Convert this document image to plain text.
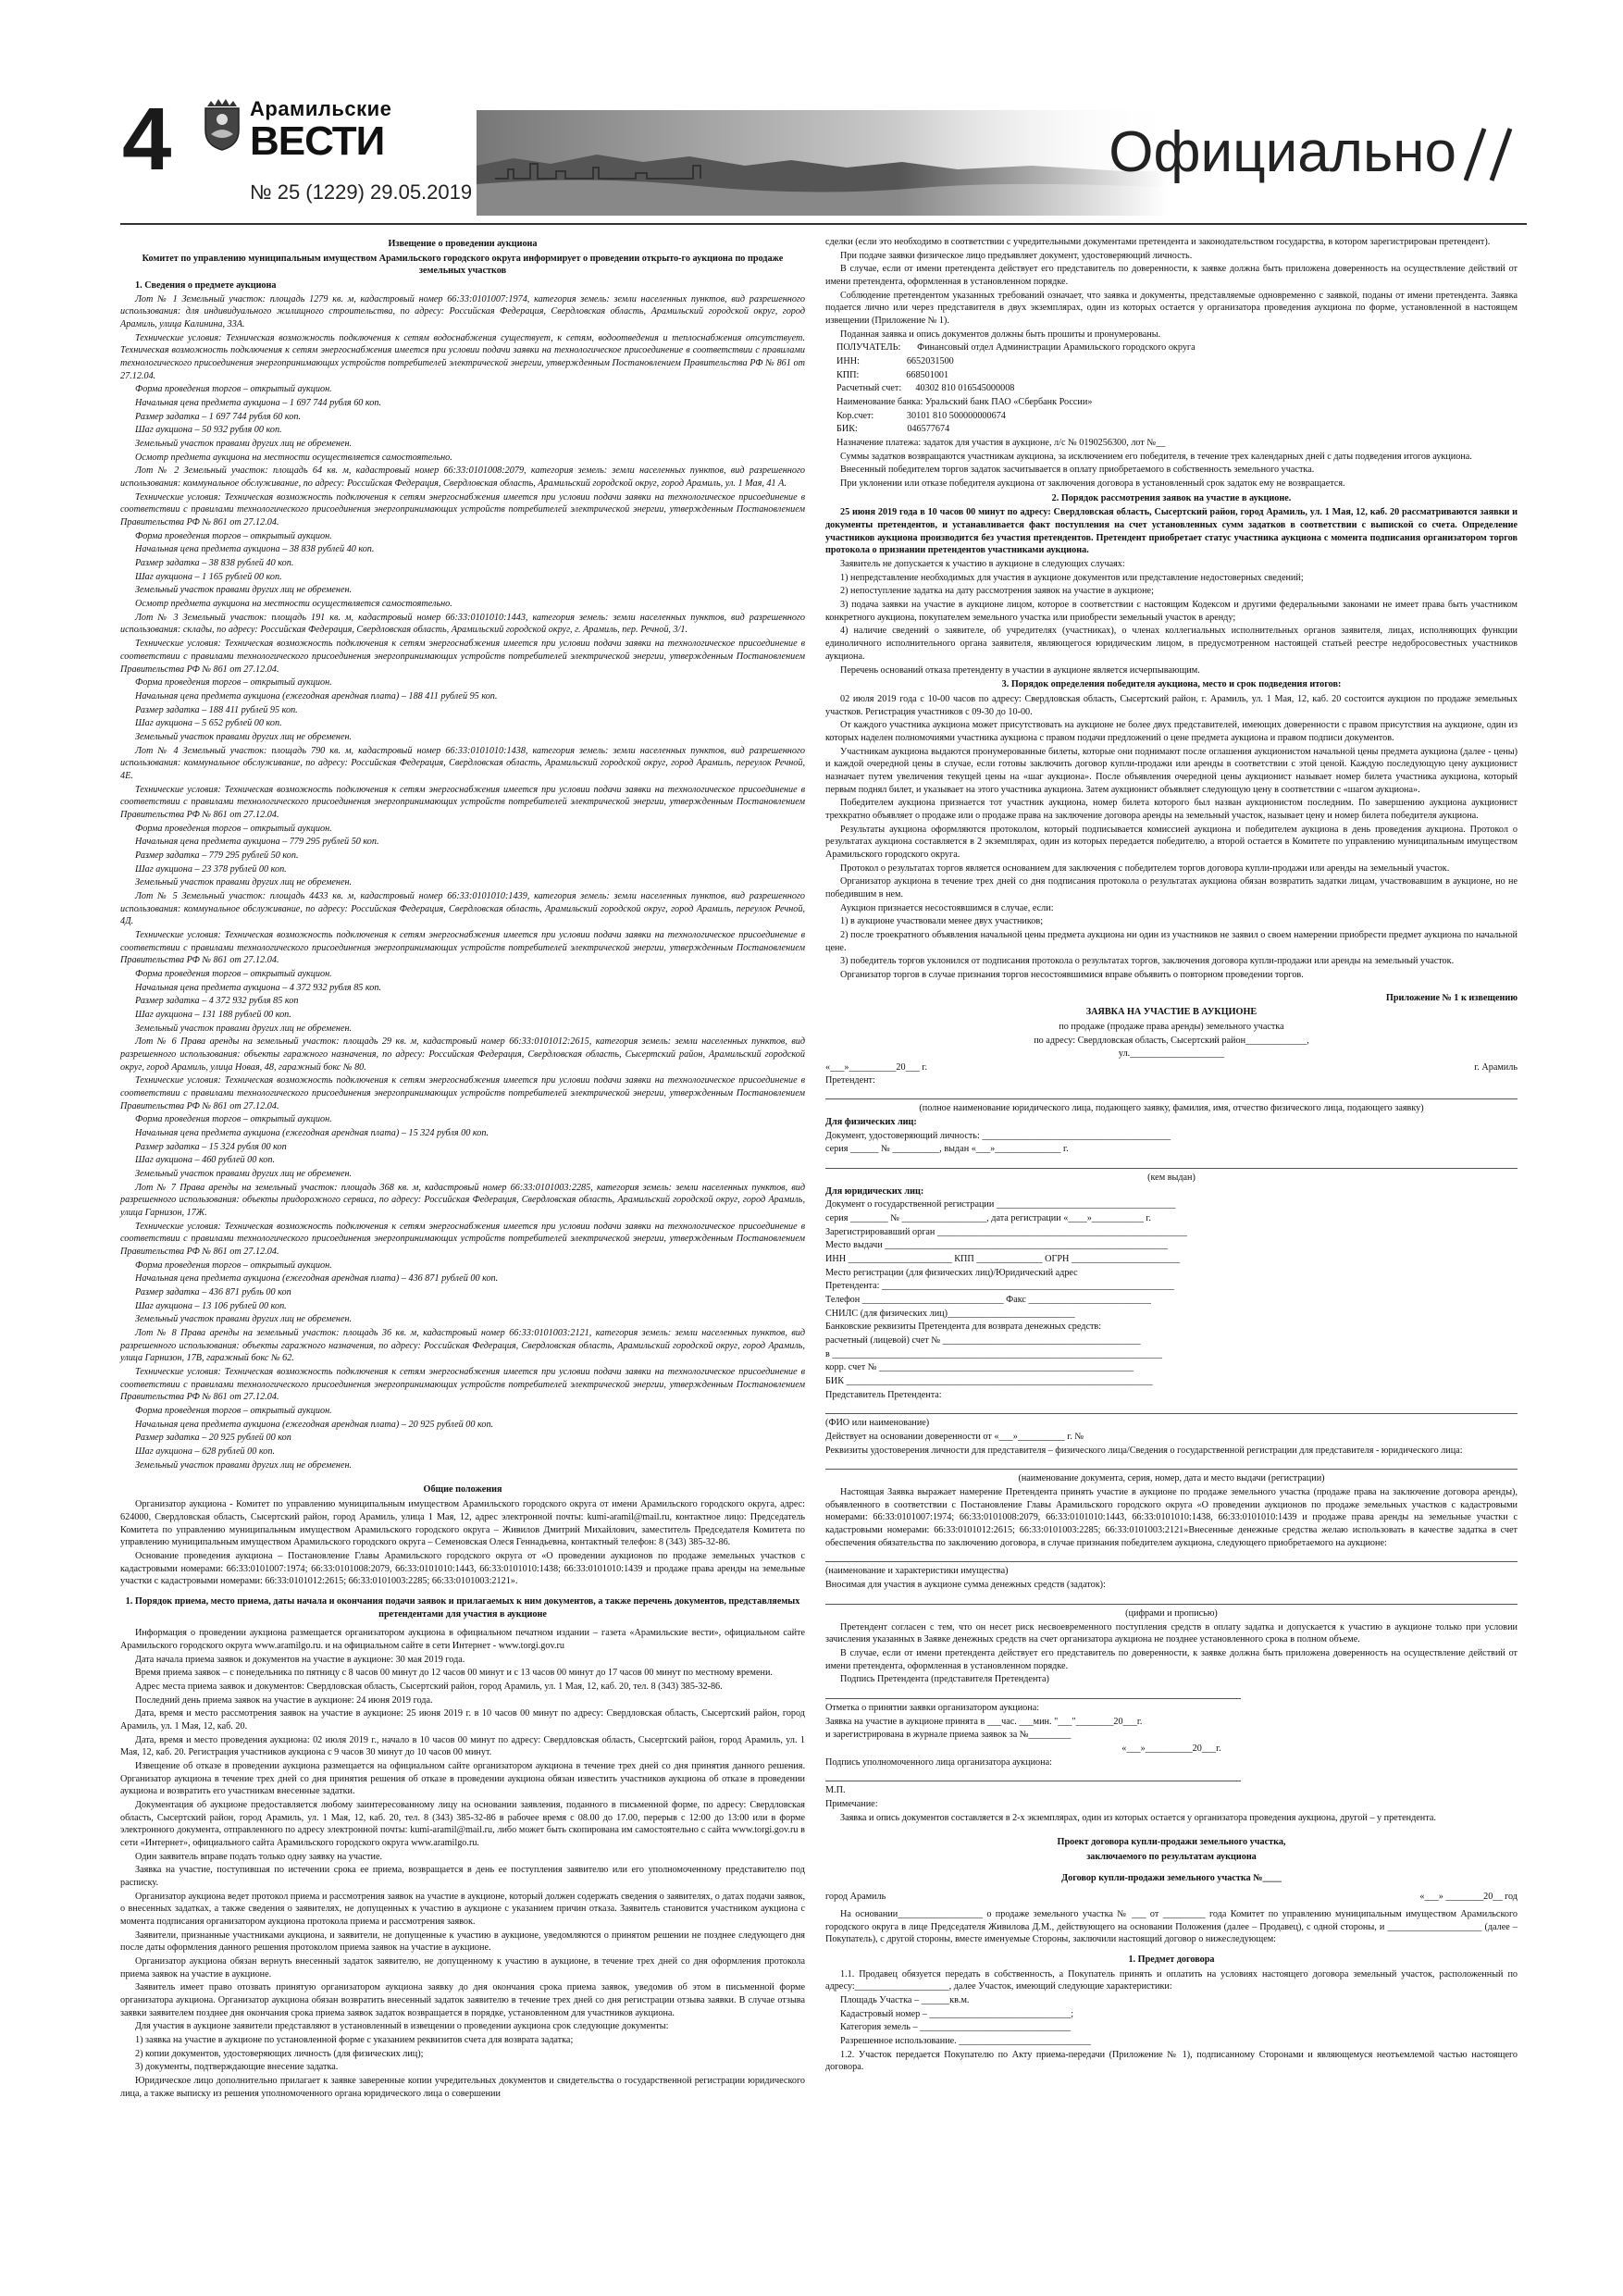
4	Арамильские
ВЕСТИ
№ 25 (1229) 29.05.2019
Официально

Извещение о проведении аукциона

Комитет по управлению муниципальным имуществом Арамильского городского округа информирует о проведении открыто-го аукциона по продаже земельных участков

1. Сведения о предмете аукциона

Лот № 1 Земельный участок: площадь 1279 кв. м, кадастровый номер 66:33:0101007:1974, категория земель: земли населенных пунктов, вид разрешенного использования: для индивидуального жилищного строительства, по адресу: Российская Федерация, Свердловская область, Арамильский городской округ, город Арамиль, улица Калинина, 33А.

Технические условия: Техническая возможность подключения к сетям водоснабжения существует, к сетям, водоотведения и теплоснабжения отсутствует. Техническая возможность подключения к сетям энергоснабжения имеется при условии подачи заявки на технологическое присоединение в соответствии с правилами технологического присоединения энергопринимающих устройств потребителей электрической энергии, утвержденным Постановлением Правительства РФ № 861 от 27.12.04.

Форма проведения торгов – открытый аукцион.

Начальная цена предмета аукциона – 1 697 744 рубля 60 коп.

Размер задатка – 1 697 744 рубля 60 коп.

Шаг аукциона – 50 932 рубля 00 коп.

Земельный участок правами других лиц не обременен.

Осмотр предмета аукциона на местности осуществляется самостоятельно.

Лот № 2 Земельный участок: площадь 64 кв. м, кадастровый номер 66:33:0101008:2079, категория земель: земли населенных пунктов, вид разрешенного использования: коммунальное обслуживание, по адресу: Российская Федерация, Свердловская область, Арамильский городской округ, город Арамиль, ул. 1 Мая, 41 А.

Технические условия: Техническая возможность подключения к сетям энергоснабжения имеется при условии подачи заявки на технологическое присоединение в соответствии с правилами технологического присоединения энергопринимающих устройств потребителей электрической энергии, утвержденным Постановлением Правительства РФ № 861 от 27.12.04.

Форма проведения торгов – открытый аукцион.

Начальная цена предмета аукциона – 38 838 рублей 40 коп.

Размер задатка – 38 838 рублей 40 коп.

Шаг аукциона – 1 165 рублей 00 коп.

Земельный участок правами других лиц не обременен.

Осмотр предмета аукциона на местности осуществляется самостоятельно.

Лот № 3 Земельный участок: площадь 191 кв. м, кадастровый номер 66:33:0101010:1443, категория земель: земли населенных пунктов, вид разрешенного использования: склады, по адресу: Российская Федерация, Свердловская область, Арамильский городской округ, г. Арамиль, пер. Речной, 3/1.

Технические условия: Техническая возможность подключения к сетям энергоснабжения имеется при условии подачи заявки на технологическое присоединение в соответствии с правилами технологического присоединения энергопринимающих устройств потребителей электрической энергии, утвержденным Постановлением Правительства РФ № 861 от 27.12.04.

Форма проведения торгов – открытый аукцион.

Начальная цена предмета аукциона (ежегодная арендная плата) – 188 411 рублей 95 коп.

Размер задатка – 188 411 рублей 95 коп.

Шаг аукциона – 5 652 рублей 00 коп.

Земельный участок правами других лиц не обременен.

Лот № 4 Земельный участок: площадь 790 кв. м, кадастровый номер 66:33:0101010:1438, категория земель: земли населенных пунктов, вид разрешенного использования: коммунальное обслуживание, по адресу: Российская Федерация, Свердловская область, Арамильский городской округ, город Арамиль, переулок Речной, 4Е.

Технические условия: Техническая возможность подключения к сетям энергоснабжения имеется при условии подачи заявки на технологическое присоединение в соответствии с правилами технологического присоединения энергопринимающих устройств потребителей электрической энергии, утвержденным Постановлением Правительства РФ № 861 от 27.12.04.

Форма проведения торгов – открытый аукцион.

Начальная цена предмета аукциона – 779 295 рублей 50 коп.

Размер задатка – 779 295 рублей 50 коп.

Шаг аукциона – 23 378 рублей 00 коп.

Земельный участок правами других лиц не обременен.

Лот № 5 Земельный участок: площадь 4433 кв. м, кадастровый номер 66:33:0101010:1439, категория земель: земли населенных пунктов, вид разрешенного использования: коммунальное обслуживание, по адресу: Российская Федерация, Свердловская область, Арамильский городской округ, город Арамиль, переулок Речной, 4Д.

Технические условия: Техническая возможность подключения к сетям энергоснабжения имеется при условии подачи заявки на технологическое присоединение в соответствии с правилами технологического присоединения энергопринимающих устройств потребителей электрической энергии, утвержденным Постановлением Правительства РФ № 861 от 27.12.04.

Форма проведения торгов – открытый аукцион.

Начальная цена предмета аукциона – 4 372 932 рубля 85 коп.

Размер задатка – 4 372 932 рубля 85 коп

Шаг аукциона – 131 188 рублей 00 коп.

Земельный участок правами других лиц не обременен.

Лот № 6 Права аренды на земельный участок: площадь 29 кв. м, кадастровый номер 66:33:0101012:2615, категория земель: земли населенных пунктов, вид разрешенного использования: объекты гаражного назначения, по адресу: Российская Федерация, Свердловская область, Сысертский район, Арамильский городской округ, город Арамиль, улица Новая, 48, гаражный бокс № 80.

Технические условия: Техническая возможность подключения к сетям энергоснабжения имеется при условии подачи заявки на технологическое присоединение в соответствии с правилами технологического присоединения энергопринимающих устройств потребителей электрической энергии, утвержденным Постановлением Правительства РФ № 861 от 27.12.04.

Форма проведения торгов – открытый аукцион.

Начальная цена предмета аукциона (ежегодная арендная плата) – 15 324 рубля 00 коп.

Размер задатка – 15 324 рубля 00 коп

Шаг аукциона – 460 рублей 00 коп.

Земельный участок правами других лиц не обременен.

Лот № 7 Права аренды на земельный участок: площадь 368 кв. м, кадастровый номер 66:33:0101003:2285, категория земель: земли населенных пунктов, вид разрешенного использования: объекты придорожного сервиса, по адресу: Российская Федерация, Свердловская область, Арамильский городской округ, город Арамиль, улица Гарнизон, 17Ж.

Технические условия: Техническая возможность подключения к сетям энергоснабжения имеется при условии подачи заявки на технологическое присоединение в соответствии с правилами технологического присоединения энергопринимающих устройств потребителей электрической энергии, утвержденным Постановлением Правительства РФ № 861 от 27.12.04.

Форма проведения торгов – открытый аукцион.

Начальная цена предмета аукциона (ежегодная арендная плата) – 436 871 рублей 00 коп.

Размер задатка – 436 871 рубль 00 коп

Шаг аукциона – 13 106 рублей 00 коп.

Земельный участок правами других лиц не обременен.

Лот № 8 Права аренды на земельный участок: площадь 36 кв. м, кадастровый номер 66:33:0101003:2121, категория земель: земли населенных пунктов, вид разрешенного использования: объекты гаражного назначения, по адресу: Российская Федерация, Свердловская область, Арамильский городской округ, город Арамиль, улица Гарнизон, 17В, гаражный бокс № 62.

Технические условия: Техническая возможность подключения к сетям энергоснабжения имеется при условии подачи заявки на технологическое присоединение в соответствии с правилами технологического присоединения энергопринимающих устройств потребителей электрической энергии, утвержденным Постановлением Правительства РФ № 861 от 27.12.04.

Форма проведения торгов – открытый аукцион.

Начальная цена предмета аукциона (ежегодная арендная плата) – 20 925 рублей 00 коп.

Размер задатка – 20 925 рублей 00 коп

Шаг аукциона – 628 рублей 00 коп.

Земельный участок правами других лиц не обременен.

Общие положения

Организатор аукциона - Комитет по управлению муниципальным имуществом Арамильского городского округа от имени Арамильского городского округа, адрес: 624000, Свердловская область, Сысертский район, город Арамиль, улица 1 Мая, 12, адрес электронной почты: kumi-aramil@mail.ru, контактное лицо: Председатель Комитета по управлению муниципальным имуществом Арамильского городского округа – Живилов Дмитрий Михайлович, заместитель Председателя Комитета по управлению муниципальным имуществом Арамильского городского округа – Семеновская Олеся Геннадьевна, контактный телефон: 8 (343) 385-32-86.

Основание проведения аукциона – Постановление Главы Арамильского городского округа от «О проведении аукционов по продаже земельных участков с кадастровыми номерами: 66:33:0101007:1974; 66:33:0101008:2079, 66:33:0101010:1443, 66:33:0101010:1438; 66:33:0101010:1439 и продаже права аренды на земельные участки с кадастровыми номерами: 66:33:0101012:2615; 66:33:0101003:2285; 66:33:0101003:2121».

1. Порядок приема, место приема, даты начала и окончания подачи заявок и прилагаемых к ним документов, а также перечень документов, представляемых претендентами для участия в аукционе

Информация о проведении аукциона размещается организатором аукциона в официальном печатном издании – газета «Арамильские вести», официальном сайте Арамильского городского округа www.aramilgo.ru. и на официальном сайте в сети Интернет - www.torgi.gov.ru

Дата начала приема заявок и документов на участие в аукционе: 30 мая 2019 года.

Время приема заявок – с понедельника по пятницу с 8 часов 00 минут до 12 часов 00 минут и с 13 часов 00 минут до 17 часов 00 минут по местному времени.

Адрес места приема заявок и документов: Свердловская область, Сысертский район, город Арамиль, ул. 1 Мая, 12, каб. 20, тел. 8 (343) 385-32-86.

Последний день приема заявок на участие в аукционе: 24 июня 2019 года.

Дата, время и место рассмотрения заявок на участие в аукционе: 25 июня 2019 г. в 10 часов 00 минут по адресу: Свердловская область, Сысертский район, город Арамиль, ул. 1 Мая, 12, каб. 20.

Дата, время и место проведения аукциона: 02 июля 2019 г., начало в 10 часов 00 минут по адресу: Свердловская область, Сысертский район, город Арамиль, ул. 1 Мая, 12, каб. 20. Регистрация участников аукциона с 9 часов 30 минут до 10 часов 00 минут.

Извещение об отказе в проведении аукциона размещается на официальном сайте организатором аукциона в течение трех дней со дня принятия данного решения. Организатор аукциона в течение трех дней со дня принятия решения об отказе в проведении аукциона обязан известить участников аукциона об отказе в проведении аукциона и возвратить его участникам внесенные задатки.

Документация об аукционе предоставляется любому заинтересованному лицу на основании заявления, поданного в письменной форме, по адресу: Свердловская область, Сысертский район, город Арамиль, ул. 1 Мая, 12, каб. 20, тел. 8 (343) 385-32-86 в рабочее время с 08.00 до 17.00, перерыв с 12:00 до 13:00 или в форме электронного документа, отправленного по адресу электронной почты: kumi-aramil@mail.ru, либо может быть скопирована им самостоятельно с сайта www.torgi.gov.ru в сети «Интернет», официального сайта Арамильского городского округа www.aramilgo.ru.

Один заявитель вправе подать только одну заявку на участие.

Заявка на участие, поступившая по истечении срока ее приема, возвращается в день ее поступления заявителю или его уполномоченному представителю под расписку.

Организатор аукциона ведет протокол приема и рассмотрения заявок на участие в аукционе, который должен содержать сведения о заявителях, о датах подачи заявок, о внесенных задатках, а также сведения о заявителях, не допущенных к участию в аукционе с указанием причин отказа. Заявитель становится участником аукциона с момента подписания организатором аукциона протокола приема и рассмотрения заявок.

Заявители, признанные участниками аукциона, и заявители, не допущенные к участию в аукционе, уведомляются о принятом решении не позднее следующего дня после даты оформления данного решения протоколом приема заявок на участие в аукционе.

Организатор аукциона обязан вернуть внесенный задаток заявителю, не допущенному к участию в аукционе, в течение трех дней со дня оформления протокола приема заявок на участие в аукционе.

Заявитель имеет право отозвать принятую организатором аукциона заявку до дня окончания срока приема заявок, уведомив об этом в письменной форме организатора аукциона. Организатор аукциона обязан возвратить внесенный задаток заявителю в течение трех дней со дня регистрации отзыва заявки. В случае отзыва заявки заявителем позднее дня окончания срока приема заявок задаток возвращается в порядке, установленном для участников аукциона.

Для участия в аукционе заявители представляют в установленный в извещении о проведении аукциона срок следующие документы:

1) заявка на участие в аукционе по установленной форме с указанием реквизитов счета для возврата задатка;

2) копии документов, удостоверяющих личность (для физических лиц);

3) документы, подтверждающие внесение задатка.

Юридическое лицо дополнительно прилагает к заявке заверенные копии учредительных документов и свидетельства о государственной регистрации юридического лица, а также выписку из решения уполномоченного органа юридического лица о совершении

сделки (если это необходимо в соответствии с учредительными документами претендента и законодательством государства, в котором зарегистрирован претендент).

При подаче заявки физическое лицо предъявляет документ, удостоверяющий личность.

В случае, если от имени претендента действует его представитель по доверенности, к заявке должна быть приложена доверенность на осуществление действий от имени претендента, оформленная в установленном порядке.

Соблюдение претендентом указанных требований означает, что заявка и документы, представляемые одновременно с заявкой, поданы от имени претендента. Заявка подается лично или через представителя в двух экземплярах, один из которых остается у организатора проведения аукциона по форме, установленной в настоящем извещении (Приложение № 1).

Поданная заявка и опись документов должны быть прошиты и пронумерованы.

ПОЛУЧАТЕЛЬ:       Финансовый отдел Администрации Арамильского городского округа

ИНН:                    6652031500

КПП:                    668501001

Расчетный счет:      40302 810 016545000008

Наименование банка: Уральский банк ПАО «Сбербанк России»

Кор.счет:              30101 810 500000000674

БИК:                     046577674

Назначение платежа: задаток для участия в аукционе, л/с № 0190256300, лот №__

Суммы задатков возвращаются участникам аукциона, за исключением его победителя, в течение трех календарных дней с даты подведения итогов аукциона.

Внесенный победителем торгов задаток засчитывается в оплату приобретаемого в собственность земельного участка.

При уклонении или отказе победителя аукциона от заключения договора в установленный срок задаток ему не возвращается.

2. Порядок рассмотрения заявок на участие в аукционе.

25 июня 2019 года в 10 часов 00 минут по адресу: Свердловская область, Сысертский район, город Арамиль, ул. 1 Мая, 12, каб. 20 рассматриваются заявки и документы претендентов, и устанавливается факт поступления на счет установленных сумм задатков в соответствии с выпиской со счета. Определение участников аукциона производится без участия претендентов. Претендент приобретает статус участника аукциона с момента подписания организатором торгов протокола о признании претендентов участниками аукциона.

Заявитель не допускается к участию в аукционе в следующих случаях:

1) непредставление необходимых для участия в аукционе документов или представление недостоверных сведений;

2) непоступление задатка на дату рассмотрения заявок на участие в аукционе;

3) подача заявки на участие в аукционе лицом, которое в соответствии с настоящим Кодексом и другими федеральными законами не имеет права быть участником конкретного аукциона, покупателем земельного участка или приобрести земельный участок в аренду;

4) наличие сведений о заявителе, об учредителях (участниках), о членах коллегиальных исполнительных органов заявителя, лицах, исполняющих функции единоличного исполнительного органа заявителя, являющегося юридическим лицом, в предусмотренном настоящей статьей реестре недобросовестных участников аукциона.

Перечень оснований отказа претенденту в участии в аукционе является исчерпывающим.

3. Порядок определения победителя аукциона, место и срок подведения итогов:

02 июля 2019 года с 10-00 часов по адресу: Свердловская область, Сысертский район, г. Арамиль, ул. 1 Мая, 12, каб. 20 состоится аукцион по продаже земельных участков. Регистрация участников с 09-30 до 10-00.

От каждого участника аукциона может присутствовать на аукционе не более двух представителей, имеющих доверенности с правом присутствия на аукционе, один из которых наделен полномочиями участника аукциона с правом подачи предложений о цене предмета аукциона и правом подписи документов.

Участникам аукциона выдаются пронумерованные билеты, которые они поднимают после оглашения аукционистом начальной цены предмета аукциона (далее - цены) и каждой очередной цены в случае, если готовы заключить договор купли-продажи или аренды в соответствии с этой ценой. Каждую последующую цену аукционист назначает путем увеличения текущей цены на «шаг аукциона». После объявления очередной цены аукционист называет номер билета участника аукциона, который первым поднял билет, и указывает на этого участника аукциона. Затем аукционист объявляет следующую цену в соответствии с «шагом аукциона».

Победителем аукциона признается тот участник аукциона, номер билета которого был назван аукционистом последним. По завершению аукциона аукционист трехкратно объявляет о продаже или о продаже права на заключение договора аренды на земельный участок, называет цену и номер билета победителя аукциона.

Результаты аукциона оформляются протоколом, который подписывается комиссией аукциона и победителем аукциона в день проведения аукциона. Протокол о результатах аукциона составляется в 2 экземплярах, один из которых передается победителю, а второй остается в Комитете по управлению муниципальным имуществом Арамильского городского округа.

Протокол о результатах торгов является основанием для заключения с победителем торгов договора купли-продажи или аренды на земельный участок.

Организатор аукциона в течение трех дней со дня подписания протокола о результатах аукциона обязан возвратить задатки лицам, участвовавшим в аукционе, но не победившим в нем.

Аукцион признается несостоявшимся в случае, если:

1) в аукционе участвовали менее двух участников;

2) после троекратного объявления начальной цены предмета аукциона ни один из участников не заявил о своем намерении приобрести предмет аукциона по начальной цене.

3) победитель торгов уклонился от подписания протокола о результатах торгов, заключения договора купли-продажи или аренды на земельный участок.

Организатор торгов в случае признания торгов несостоявшимися вправе объявить о повторном проведении торгов.

Приложение № 1 к извещению

ЗАЯВКА НА УЧАСТИЕ В АУКЦИОНЕ

по продаже (продаже права аренды) земельного участка

по адресу: Свердловская область, Сысертский район_____________,

ул.____________________

«___»__________20___ г.	г. Арамиль

Претендент:

(полное наименование юридического лица, подающего заявку, фамилия, имя, отчество физического лица, подающего заявку)

Для физических лиц:

Документ, удостоверяющий личность: ________________________________________

серия ______ № __________, выдан «___»______________ г.

(кем выдан)

Для юридических лиц:

Документ о государственной регистрации ______________________________________

серия ________ № __________________, дата регистрации «____»___________ г.

Зарегистрировавший орган _____________________________________________________

Место выдачи ____________________________________________________________

ИНН ______________________ КПП ______________ ОГРН _______________________

Место регистрации (для физических лиц)/Юридический адрес

Претендента: ______________________________________________________________

Телефон ______________________________ Факс __________________________

СНИЛС (для физических лиц)___________________________

Банковские реквизиты Претендента для возврата денежных средств:

расчетный (лицевой) счет № __________________________________________

в ______________________________________________________________________

корр. счет № ______________________________________________________

БИК _________________________________________________________________

Представитель Претендента:

(ФИО или наименование)

Действует на основании доверенности от «___»__________ г. №

Реквизиты удостоверения личности для представителя – физического лица/Сведения о государственной регистрации для представителя - юридического лица:

(наименование документа, серия, номер, дата и место выдачи (регистрации)

Настоящая Заявка выражает намерение Претендента принять участие в аукционе по продаже земельного участка (продаже права на заключение договора аренды), объявленного в соответствии с Постановление Главы Арамильского городского округа «О проведении аукционов по продаже земельных участков с кадастровыми номерами: 66:33:0101007:1974; 66:33:0101008:2079, 66:33:0101010:1443, 66:33:0101010:1438, 66:33:0101010:1439 и продаже права аренды на земельные участки с кадастровыми номерами: 66:33:0101012:2615; 66:33:0101003:2285; 66:33:0101003:2121»Внесенные денежные средства желаю использовать в качестве задатка в счет обеспечения обязательства по заключению договора, в случае признания победителем аукциона, следующего приобретаемого на аукционе:

(наименование и характеристики имущества)

Вносимая для участия в аукционе сумма денежных средств (задаток):

(цифрами и прописью)

Претендент согласен с тем, что он несет риск несвоевременного поступления средств в оплату задатка и допускается к участию в аукционе только при условии зачисления указанных в Заявке денежных средств на счет организатора аукциона не позднее установленного срока в полном объеме.

В случае, если от имени претендента действует его представитель по доверенности, к заявке должна быть приложена доверенность на осуществление действий от имени претендента, оформленная в установленном порядке.

Подпись Претендента (представителя Претендента)

Отметка о принятии заявки организатором аукциона:

Заявка на участие в аукционе принята в ___час. ___мин. "___"________20___г.

и зарегистрирована в журнале приема заявок за №_________

«___»__________20___г.

Подпись уполномоченного лица организатора аукциона:

М.П.

Примечание:

Заявка и опись документов составляется в 2-х экземплярах, один из которых остается у организатора проведения аукциона, другой – у претендента.

Проект договора купли-продажи земельного участка,

заключаемого по результатам аукциона

Договор купли-продажи земельного участка №____

город Арамиль	«___» ________20__ год

На основании__________________ о продаже земельного участка № ___ от _________ года Комитет по управлению муниципальным имуществом Арамильского городского округа в лице Председателя Живилова Д.М., действующего на основании Положения (далее – Продавец), с одной стороны, и ____________________ (далее – Покупатель), с другой стороны, вместе именуемые Стороны, заключили настоящий договор о нижеследующем:

1. Предмет договора

1.1. Продавец обязуется передать в собственность, а Покупатель принять и оплатить на условиях настоящего договора земельный участок, расположенный по адресу:____________________, далее Участок, имеющий следующие характеристики:

Площадь Участка – ______кв.м.

Кадастровый номер – ______________________________;

Категория земель – ________________________________

Разрешенное использование. ____________________________

1.2. Участок передается Покупателю по Акту приема-передачи (Приложение № 1), подписанному Сторонами и являющемуся неотъемлемой частью настоящего договора.
